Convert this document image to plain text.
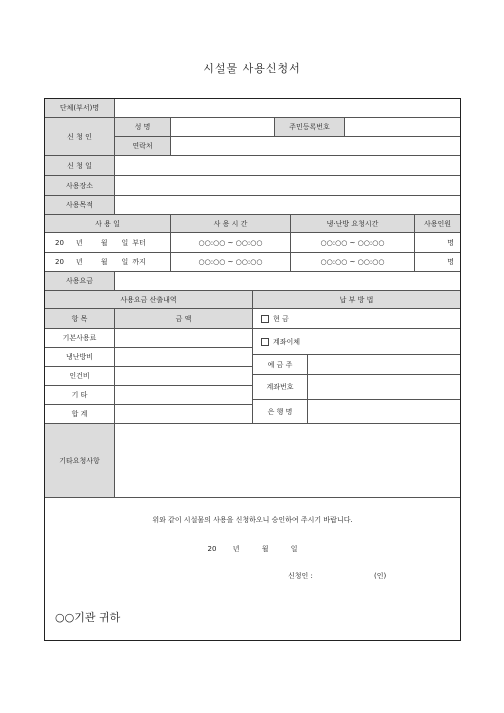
시설물 사용신청서
단체(부서)명
신 청 인
성 명	주민등록번호
연락처
신 청 일
사용장소
사용목적
사 용 일	사 용 시 간	냉·난방 요청시간	사용인원
20 년	월 일 부터	○○:○○ ~ ○○:○○	○○:○○ ~ ○○:○○	명
20 년	월 일 까지	○○:○○ ~ ○○:○○	○○:○○ ~ ○○:○○	명
사용요금
사용요금 산출내역	납 부 방 법
항 목	금 액
기본사용료
냉난방비
인건비
기 타
합 계
현 금
계좌이체
예 금 주
계좌번호
은 행 명
기타요청사항
위와 같이 시설물의 사용을 신청하오니 승인하여 주시기 바랍니다.
20 년	월	일
신청인 :	(인)
○○기관 귀하
